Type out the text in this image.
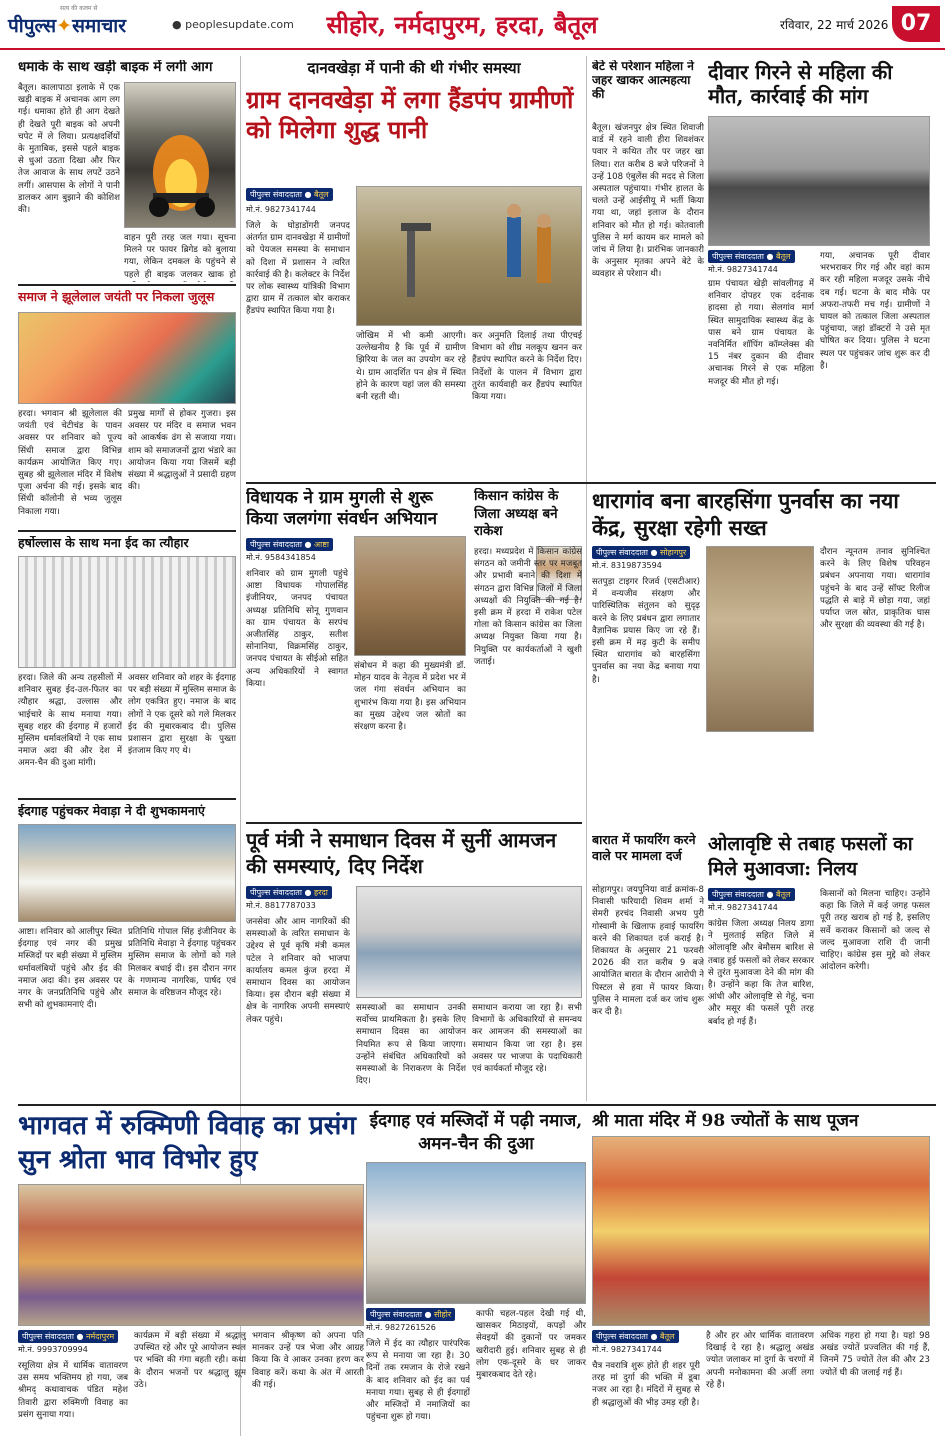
सत्य की कलम से
पीपुल्स✦समाचार	● peoplesupdate.com	सीहोर, नर्मदापुरम, हरदा, बैतूल	रविवार, 22 मार्च 2026 07
धमाके के साथ खड़ी बाइक में लगी आग
बैतूल। कालापाठा इलाके में एक खड़ी बाइक में अचानक आग लग गई। धमाका होते ही आग देखते ही देखते पूरी बाइक को अपनी चपेट में ले लिया। प्रत्यक्षदर्शियों के मुताबिक, इससे पहले बाइक से धुआं उठता दिखा और फिर तेज आवाज के साथ लपटें उठने लगीं। आसपास के लोगों ने पानी डालकर आग बुझाने की कोशिश की।
वाहन पूरी तरह जल गया। सूचना मिलने पर फायर ब्रिगेड को बुलाया गया, लेकिन दमकल के पहुंचने से पहले ही बाइक जलकर खाक हो
समाज ने झूलेलाल जयंती पर निकला जुलूस
हरदा। भगवान श्री झूलेलाल की जयंती एवं चेटीचंड के पावन अवसर पर शनिवार को पूज्य सिंधी समाज द्वारा विभिन्न कार्यक्रम आयोजित किए गए। सुबह श्री झूलेलाल मंदिर में विशेष पूजा अर्चना की गई। इसके बाद सिंधी कॉलोनी से भव्य जुलूस निकाला गया।
प्रमुख मार्गों से होकर गुजरा। इस अवसर पर मंदिर व समाज भवन को आकर्षक ढंग से सजाया गया। शाम को समाजजनों द्वारा भंडारे का आयोजन किया गया जिसमें बड़ी संख्या में श्रद्धालुओं ने प्रसादी ग्रहण की।
हर्षोल्लास के साथ मना ईद का त्यौहार
हरदा। जिले की अन्य तहसीलों में शनिवार सुबह ईद-उल-फितर का त्यौहार श्रद्धा, उल्लास और भाईचारे के साथ मनाया गया। सुबह शहर की ईदगाह में हजारों मुस्लिम धर्मावलंबियों ने एक साथ नमाज अदा की और देश में अमन-चैन की दुआ मांगी।
अवसर शनिवार को शहर के ईदगाह पर बड़ी संख्या में मुस्लिम समाज के लोग एकत्रित हुए। नमाज के बाद लोगों ने एक दूसरे को गले मिलकर ईद की मुबारकबाद दी। पुलिस प्रशासन द्वारा सुरक्षा के पुख्ता इंतजाम किए गए थे।
ईदगाह पहुंचकर मेवाड़ा ने दी शुभकामनाएं
आष्टा। शनिवार को आलीपुर स्थित ईदगाह एवं नगर की प्रमुख मस्जिदों पर बड़ी संख्या में मुस्लिम धर्मावलंबियों पहुंचे और ईद की नमाज अदा की। इस अवसर पर नगर के जनप्रतिनिधि पहुंचे और सभी को शुभकामनाएं दी।
प्रतिनिधि गोपाल सिंह इंजीनियर के प्रतिनिधि मेवाड़ा ने ईदगाह पहुंचकर मुस्लिम समाज के लोगों को गले मिलकर बधाई दी। इस दौरान नगर के गणमान्य नागरिक, पार्षद एवं समाज के वरिष्ठजन मौजूद रहे।
दानवखेड़ा में पानी की थी गंभीर समस्या
ग्राम दानवखेड़ा में लगा हैंडपंप ग्रामीणों को मिलेगा शुद्ध पानी
पीपुल्स संवाददाता ● बैतूल
मो.नं. 9827341744
जिले के घोड़ाडोंगरी जनपद अंतर्गत ग्राम दानवखेड़ा में ग्रामीणों को पेयजल समस्या के समाधान को दिशा में प्रशासन ने त्वरित कार्रवाई की है। कलेक्टर के निर्देश पर लोक स्वास्थ्य यांत्रिकी विभाग द्वारा ग्राम में तत्काल बोर कराकर हैंडपंप स्थापित किया गया है।
जोखिम में भी कमी आएगी। उल्लेखनीय है कि पूर्व में ग्रामीण झिरिया के जल का उपयोग कर रहे थे। ग्राम आदर्शित पन क्षेत्र में स्थित होने के कारण यहां जल की समस्या बनी रहती थी।
कर अनुमति दिलाई तथा पीएचई विभाग को शीघ्र नलकूप खनन कर हैंडपंप स्थापित करने के निर्देश दिए। निर्देशों के पालन में विभाग द्वारा तुरंत कार्यवाही कर हैंडपंप स्थापित किया गया।
बेटे से परेशान महिला ने जहर खाकर आत्महत्या की
बैतूल। खंजनपुर क्षेत्र स्थित शिवाजी वार्ड में रहने वाली हीरा शिवशंकर पवार ने कथित तौर पर जहर खा लिया। रात करीब 8 बजे परिजनों ने उन्हें 108 एंबुलेंस की मदद से जिला अस्पताल पहुंचाया। गंभीर हालत के चलते उन्हें आईसीयू में भर्ती किया गया था, जहां इलाज के दौरान शनिवार को मौत हो गई। कोतवाली पुलिस ने मर्ग कायम कर मामले को जांच में लिया है। प्रारंभिक जानकारी के अनुसार मृतका अपने बेटे के व्यवहार से परेशान थी।
दीवार गिरने से महिला की मौत, कार्रवाई की मांग
पीपुल्स संवाददाता ● बैतूल
मो.नं. 9827341744
ग्राम पंचायत खेड़ी सांवलीगढ़ में शनिवार दोपहर एक दर्दनाक हादसा हो गया। सेलगांव मार्ग स्थित सामुदायिक स्वास्थ्य केंद्र के पास बने ग्राम पंचायत के नवनिर्मित शॉपिंग कॉम्प्लेक्स की 15 नंबर दुकान की दीवार अचानक गिरने से एक महिला मजदूर की मौत हो गई।
गया, अचानक पूरी दीवार भरभराकर गिर गई और वहां काम कर रही महिला मजदूर उसके नीचे दब गई। घटना के बाद मौके पर अफरा-तफरी मच गई। ग्रामीणों ने घायल को तत्काल जिला अस्पताल पहुंचाया, जहां डॉक्टरों ने उसे मृत घोषित कर दिया। पुलिस ने घटना स्थल पर पहुंचकर जांच शुरू कर दी है।
विधायक ने ग्राम मुगली से शुरू किया जलगंगा संवर्धन अभियान
पीपुल्स संवाददाता ● आष्टा
मो.नं. 9584341854
शनिवार को ग्राम मुगली पहुंचे आष्टा विधायक गोपालसिंह इंजीनियर, जनपद पंचायत अध्यक्ष प्रतिनिधि सोनू गुणवान का ग्राम पंचायत के सरपंच अजीतसिंह ठाकुर, सतीश सोनानिया, विक्रमसिंह ठाकुर, जनपद पंचायत के सीईओ सहित अन्य अधिकारियों ने स्वागत किया।
संबोधन में कहा की मुख्यमंत्री डॉ. मोहन यादव के नेतृत्व में प्रदेश भर में जल गंगा संवर्धन अभियान का शुभारंभ किया गया है। इस अभियान का मुख्य उद्देश्य जल स्रोतों का संरक्षण करना है।
किसान कांग्रेस के जिला अध्यक्ष बने राकेश
हरदा। मध्यप्रदेश में किसान कांग्रेस संगठन को जमीनी स्तर पर मजबूत और प्रभावी बनाने की दिशा में संगठन द्वारा विभिन्न जिलों में जिला अध्यक्षों की नियुक्ति की गई है। इसी क्रम में हरदा में राकेश पटेल गोला को किसान कांग्रेस का जिला अध्यक्ष नियुक्त किया गया है। नियुक्ति पर कार्यकर्ताओं ने खुशी जताई।
धारागांव बना बारहसिंगा पुनर्वास का नया केंद्र, सुरक्षा रहेगी सख्त
पीपुल्स संवाददाता ● सोहागपुर
मो.नं. 8319873594
सतपुड़ा टाइगर रिजर्व (एसटीआर) में वन्यजीव संरक्षण और पारिस्थितिक संतुलन को सुदृढ़ करने के लिए प्रबंधन द्वारा लगातार वैज्ञानिक प्रयास किए जा रहे हैं। इसी क्रम में मढ़ कुटी के समीप स्थित धारागांव को बारहसिंगा पुनर्वास का नया केंद्र बनाया गया है।
दौरान न्यूनतम तनाव सुनिश्चित करने के लिए विशेष परिवहन प्रबंधन अपनाया गया। धारागांव पहुंचने के बाद उन्हें सॉफ्ट रिलीज पद्धति से बाड़े में छोड़ा गया, जहां पर्याप्त जल स्रोत, प्राकृतिक घास और सुरक्षा की व्यवस्था की गई है।
पूर्व मंत्री ने समाधान दिवस में सुनीं आमजन की समस्याएं, दिए निर्देश
पीपुल्स संवाददाता ● हरदा
मो.नं. 8817787033
जनसेवा और आम नागरिकों की समस्याओं के त्वरित समाधान के उद्देश्य से पूर्व कृषि मंत्री कमल पटेल ने शनिवार को भाजपा कार्यालय कमल कुंज हरदा में समाधान दिवस का आयोजन किया। इस दौरान बड़ी संख्या में क्षेत्र के नागरिक अपनी समस्याएं लेकर पहुंचे।
समस्याओं का समाधान उनकी सर्वोच्च प्राथमिकता है। इसके लिए समाधान दिवस का आयोजन नियमित रूप से किया जाएगा। उन्होंने संबंधित अधिकारियों को समस्याओं के निराकरण के निर्देश दिए।
समाधान कराया जा रहा है। सभी विभागों के अधिकारियों से समन्वय कर आमजन की समस्याओं का समाधान किया जा रहा है। इस अवसर पर भाजपा के पदाधिकारी एवं कार्यकर्ता मौजूद रहे।
बारात में फायरिंग करने वाले पर मामला दर्ज
सोहागपुर। जयपुनिया वार्ड क्रमांक-8 निवासी फरियादी शिवम शर्मा ने सेमरी हरचंद निवासी अभय पुरी गोस्वामी के खिलाफ हवाई फायरिंग करने की शिकायत दर्ज कराई है। शिकायत के अनुसार 21 फरवरी 2026 की रात करीब 9 बजे आयोजित बारात के दौरान आरोपी ने पिस्टल से हवा में फायर किया। पुलिस ने मामला दर्ज कर जांच शुरू कर दी है।
ओलावृष्टि से तबाह फसलों का मिले मुआवजा: निलय
पीपुल्स संवाददाता ● बैतूल
मो.नं. 9827341744
कांग्रेस जिला अध्यक्ष निलय डागा ने मुलताई सहित जिले में ओलावृष्टि और बेमौसम बारिश से तबाह हुई फसलों को लेकर सरकार से तुरंत मुआवजा देने की मांग की है। उन्होंने कहा कि तेज बारिश, आंधी और ओलावृष्टि से गेहूं, चना और मसूर की फसलें पूरी तरह बर्बाद हो गई हैं।
किसानों को मिलना चाहिए। उन्होंने कहा कि जिले में कई जगह फसल पूरी तरह खराब हो गई है, इसलिए सर्वे कराकर किसानों को जल्द से जल्द मुआवजा राशि दी जानी चाहिए। कांग्रेस इस मुद्दे को लेकर आंदोलन करेगी।
भागवत में रुक्मिणी विवाह का प्रसंग सुन श्रोता भाव विभोर हुए
पीपुल्स संवाददाता ● नर्मदापुरम
मो.नं. 9993709994
रसूलिया क्षेत्र में धार्मिक वातावरण उस समय भक्तिमय हो गया, जब श्रीमद् कथावाचक पंडित महेश तिवारी द्वारा रुक्मिणी विवाह का प्रसंग सुनाया गया।
कार्यक्रम में बड़ी संख्या में श्रद्धालु उपस्थित रहे और पूरे आयोजन स्थल पर भक्ति की गंगा बहती रही। कथा के दौरान भजनों पर श्रद्धालु झूम उठे।
भगवान श्रीकृष्ण को अपना पति मानकर उन्हें पत्र भेजा और आग्रह किया कि वे आकर उनका हरण कर विवाह करें। कथा के अंत में आरती की गई।
ईदगाह एवं मस्जिदों में पढ़ी नमाज, अमन-चैन की दुआ
पीपुल्स संवाददाता ● सीहोर
मो.नं. 9827261526
जिले में ईद का त्यौहार पारंपरिक रूप से मनाया जा रहा है। 30 दिनों तक रमजान के रोजे रखने के बाद शनिवार को ईद का पर्व मनाया गया। सुबह से ही ईदगाहों और मस्जिदों में नमाजियों का पहुंचना शुरू हो गया।
काफी चहल-पहल देखी गई थी, खासकर मिठाइयों, कपड़ों और सेवइयों की दुकानों पर जमकर खरीदारी हुई। शनिवार सुबह से ही लोग एक-दूसरे के घर जाकर मुबारकबाद देते रहे।
श्री माता मंदिर में 98 ज्योतों के साथ पूजन
पीपुल्स संवाददाता ● बैतूल
मो.नं. 9827341744
चैत्र नवरात्रि शुरू होते ही शहर पूरी तरह मां दुर्गा की भक्ति में डूबा नजर आ रहा है। मंदिरों में सुबह से ही श्रद्धालुओं की भीड़ उमड़ रही है।
है और हर ओर धार्मिक वातावरण दिखाई दे रहा है। श्रद्धालु अखंड ज्योत जलाकर मां दुर्गा के चरणों में अपनी मनोकामना की अर्जी लगा रहे हैं।
अधिक गहरा हो गया है। यहां 98 अखंड ज्योतें प्रज्वलित की गई हैं, जिनमें 75 ज्योतें तेल की और 23 ज्योतें घी की जलाई गई हैं।
